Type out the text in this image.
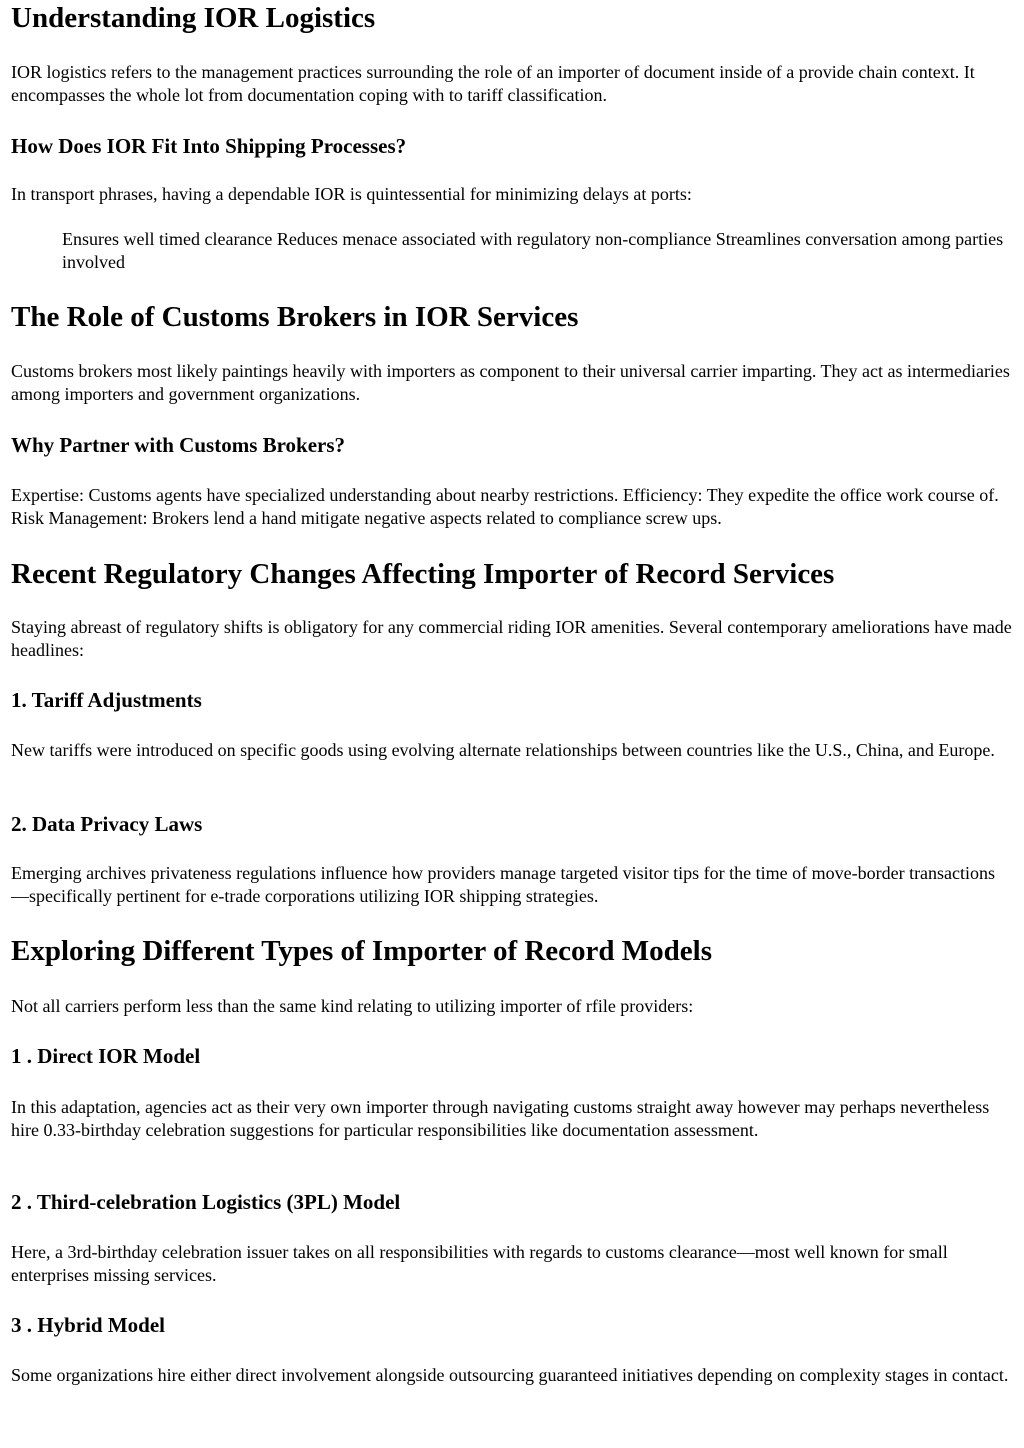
Understanding IOR Logistics

IOR logistics refers to the management practices surrounding the role of an importer of document inside of a provide chain context. It encompasses the whole lot from documentation coping with to tariff classification.

How Does IOR Fit Into Shipping Processes?

In transport phrases, having a dependable IOR is quintessential for minimizing delays at ports:

Ensures well timed clearance Reduces menace associated with regulatory non-compliance Streamlines conversation among parties involved
The Role of Customs Brokers in IOR Services

Customs brokers most likely paintings heavily with importers as component to their universal carrier imparting. They act as intermediaries among importers and government organizations.

Why Partner with Customs Brokers?

Expertise: Customs agents have specialized understanding about nearby restrictions. Efficiency: They expedite the office work course of. Risk Management: Brokers lend a hand mitigate negative aspects related to compliance screw ups.

Recent Regulatory Changes Affecting Importer of Record Services

Staying abreast of regulatory shifts is obligatory for any commercial riding IOR amenities. Several contemporary ameliorations have made headlines:

1. Tariff Adjustments

New tariffs were introduced on specific goods using evolving alternate relationships between countries like the U.S., China, and Europe.

2. Data Privacy Laws

Emerging archives privateness regulations influence how providers manage targeted visitor tips for the time of move-border transactions—specifically pertinent for e-trade corporations utilizing IOR shipping strategies.

Exploring Different Types of Importer of Record Models

Not all carriers perform less than the same kind relating to utilizing importer of rfile providers:

1 . Direct IOR Model

In this adaptation, agencies act as their very own importer through navigating customs straight away however may perhaps nevertheless hire 0.33-birthday celebration suggestions for particular responsibilities like documentation assessment.

2 . Third-celebration Logistics (3PL) Model

Here, a 3rd-birthday celebration issuer takes on all responsibilities with regards to customs clearance—most well known for small enterprises missing services.

3 . Hybrid Model

Some organizations hire either direct involvement alongside outsourcing guaranteed initiatives depending on complexity stages in contact.
